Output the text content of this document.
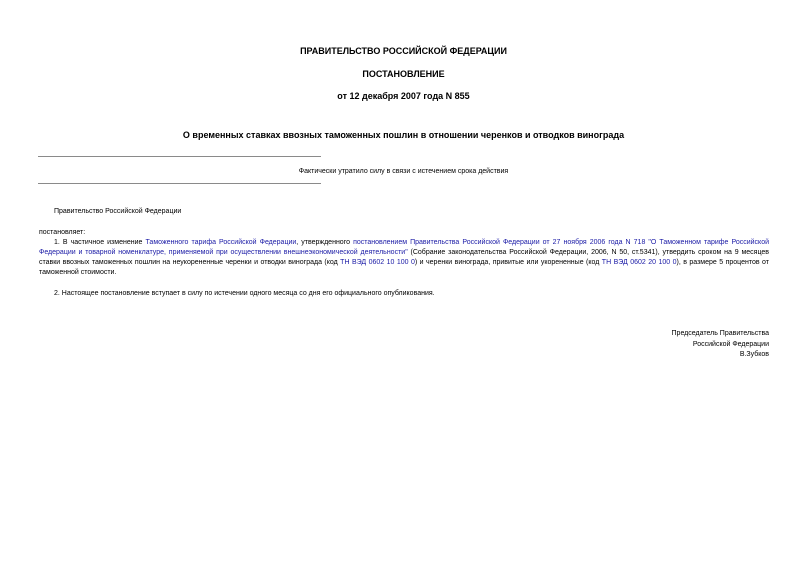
ПРАВИТЕЛЬСТВО РОССИЙСКОЙ ФЕДЕРАЦИИ
ПОСТАНОВЛЕНИЕ
от 12 декабря 2007 года N 855
О временных ставках ввозных таможенных пошлин в отношении черенков и отводков винограда
Фактически утратило силу в связи с истечением срока действия
Правительство Российской Федерации
постановляет:
1. В частичное изменение Таможенного тарифа Российской Федерации, утвержденного постановлением Правительства Российской Федерации от 27 ноября 2006 года N 718 "О Таможенном тарифе Российской Федерации и товарной номенклатуре, применяемой при осуществлении внешнеэкономической деятельности" (Собрание законодательства Российской Федерации, 2006, N 50, ст.5341), утвердить сроком на 9 месяцев ставки ввозных таможенных пошлин на неукорененные черенки и отводки винограда (код ТН ВЭД 0602 10 100 0) и черенки винограда, привитые или укорененные (код ТН ВЭД 0602 20 100 0), в размере 5 процентов от таможенной стоимости.
2. Настоящее постановление вступает в силу по истечении одного месяца со дня его официального опубликования.
Председатель Правительства
Российской Федерации
В.Зубков
